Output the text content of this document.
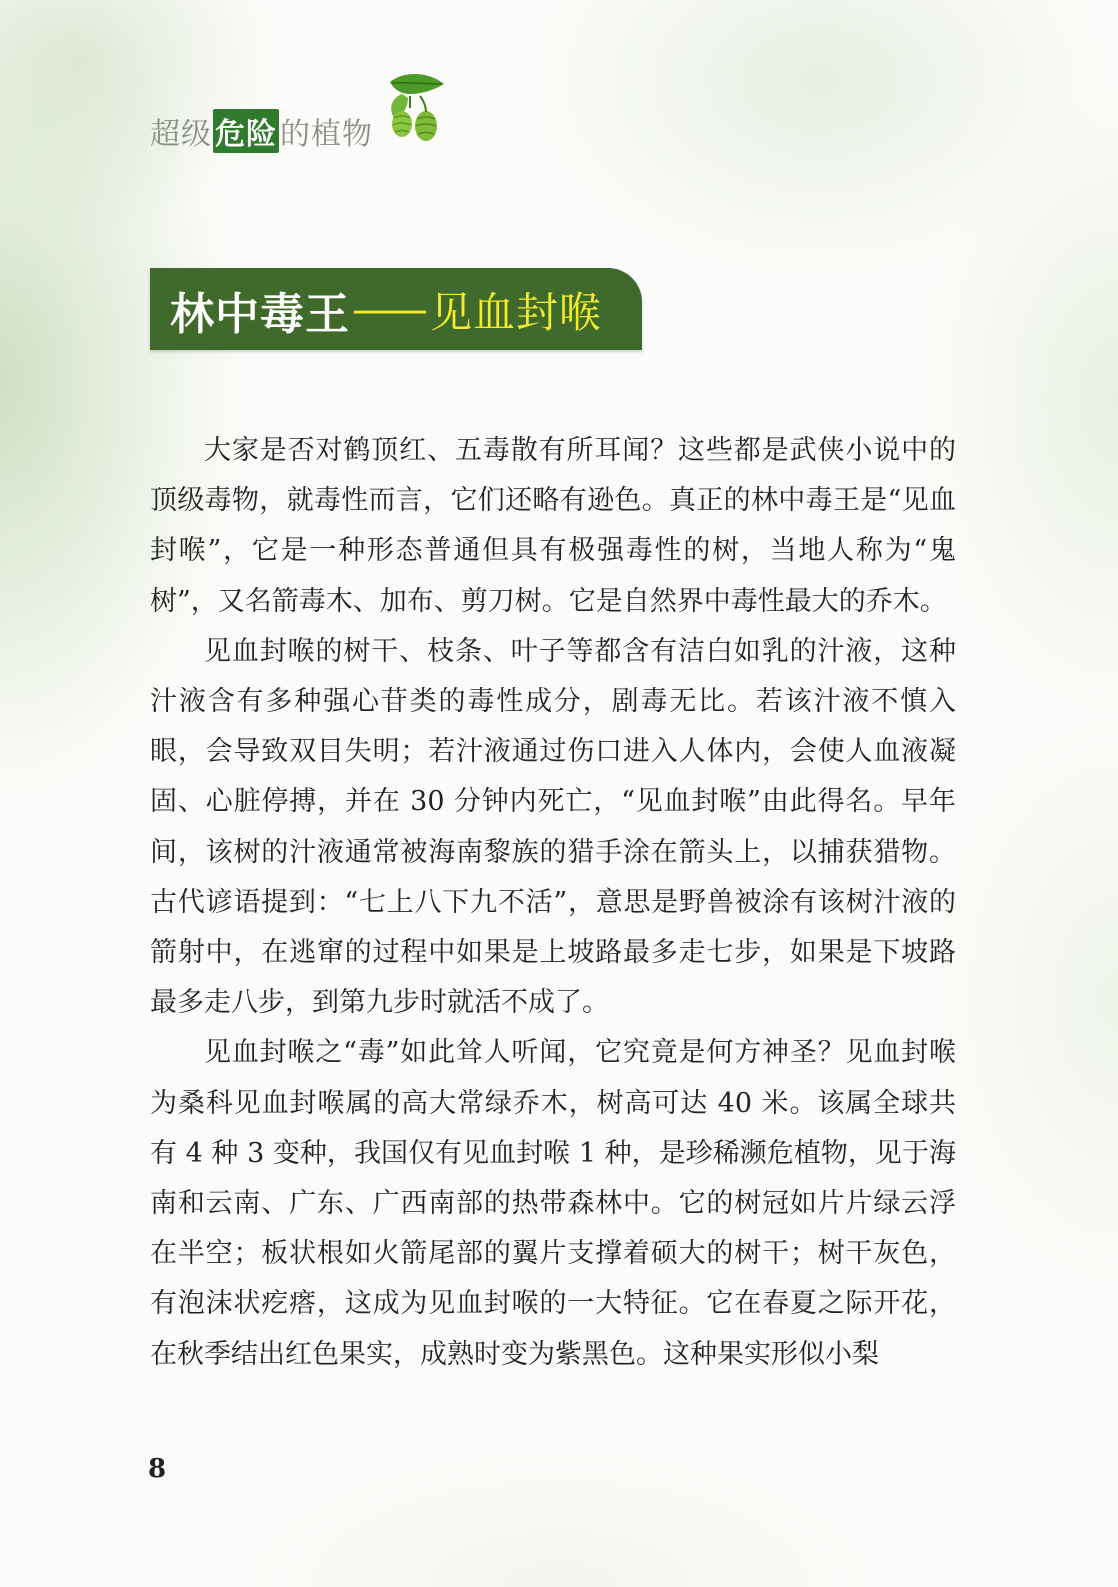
超级 危险 的植物
林中毒王 —— 见血封喉

大家是否对鹤顶红、五毒散有所耳闻？这些都是武侠小说中的顶级毒物，就毒性而言，它们还略有逊色。真正的林中毒王是“见血封喉”，它是一种形态普通但具有极强毒性的树，当地人称为“鬼树”，又名箭毒木、加布、剪刀树。它是自然界中毒性最大的乔木。

见血封喉的树干、枝条、叶子等都含有洁白如乳的汁液，这种汁液含有多种强心苷类的毒性成分，剧毒无比。若该汁液不慎入眼，会导致双目失明；若汁液通过伤口进入人体内，会使人血液凝固、心脏停搏，并在 30 分钟内死亡，“见血封喉”由此得名。早年间，该树的汁液通常被海南黎族的猎手涂在箭头上，以捕获猎物。古代谚语提到：“七上八下九不活”，意思是野兽被涂有该树汁液的箭射中，在逃窜的过程中如果是上坡路最多走七步，如果是下坡路最多走八步，到第九步时就活不成了。

见血封喉之“毒”如此耸人听闻，它究竟是何方神圣？见血封喉为桑科见血封喉属的高大常绿乔木，树高可达 40 米。该属全球共有 4 种 3 变种，我国仅有见血封喉 1 种，是珍稀濒危植物，见于海南和云南、广东、广西南部的热带森林中。它的树冠如片片绿云浮在半空；板状根如火箭尾部的翼片支撑着硕大的树干；树干灰色，有泡沫状疙瘩，这成为见血封喉的一大特征。它在春夏之际开花，在秋季结出红色果实，成熟时变为紫黑色。这种果实形似小梨

8
